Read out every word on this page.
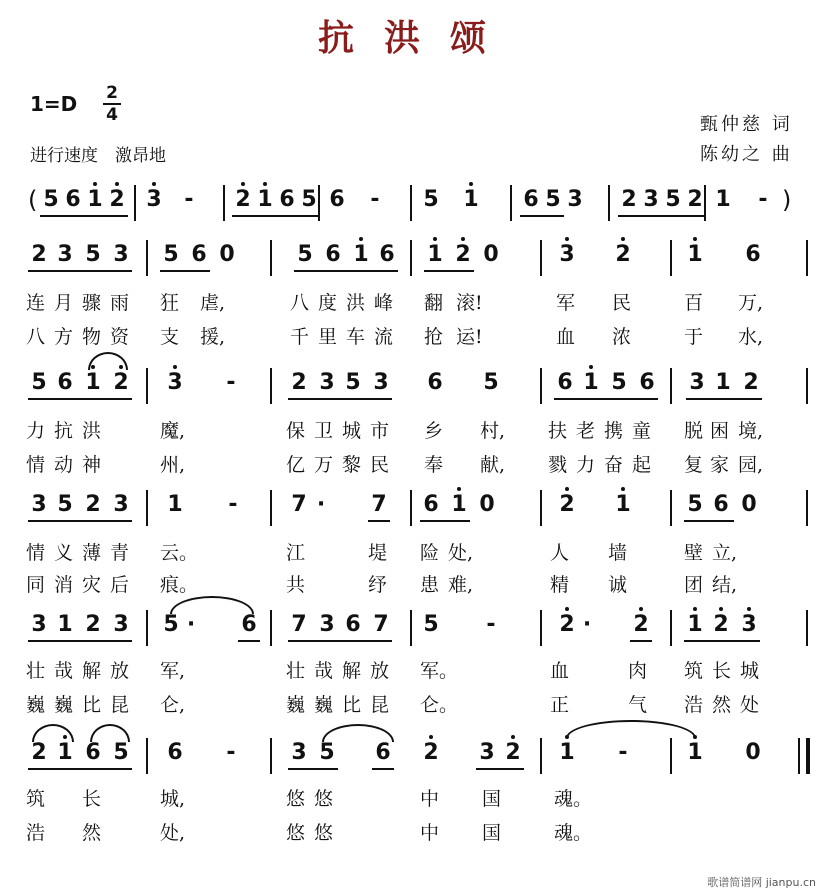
抗洪颂
1=D 2
4
进行速度　激昂地
甄仲慈 词
陈幼之 曲
( 5 6 1 2 3 - 2 1 6 5 6 - 5 1 6 5 3 2 3 5 2 1 - )
2 3 5 3 5 6 0	5 6 1 6 1 2 0	3 2	1 6
连 月 骤 雨 狂 虐,	八 度 洪 峰 翻 滚!	军 民	百 万,
八 方 物 资 支 援,	千 里 车 流 抢 运!	血 浓	于 水,
5 6 1 2 3 -	2 3 5 3 6 5	6 1 5 6 3 1 2
力 抗 洪	魔,	保 卫 城 市 乡 村, 扶 老 携 童 脱 困 境,
情 动 神	州,	亿 万 黎 民 奉 献, 戮 力 奋 起 复 家 园,
3 5 2 3 1 - 7 ·	7 6 1 0	2 1	5 6 0
情 义 薄 青 云。	江	堤 险 处,	人 墙	壁 立,
同 消 灾 后 痕。	共	纾 患 难,	精 诚	团 结,
3 1 2 3 5 ·	6 7 3 6 7 5 -	2 ·	2 1 2 3
壮 哉 解 放 军,	壮 哉 解 放 军。	血	肉 筑 长 城
巍 巍 比 昆 仑,	巍 巍 比 昆 仑。	正	气 浩 然 处
2 1 6 5 6 -	3 5 6 2 3 2 1 -	1 0
筑 长	城,	悠 悠	中 国	魂。
浩 然	处,	悠 悠	中 国	魂。
歌谱简谱网 jianpu.cn
